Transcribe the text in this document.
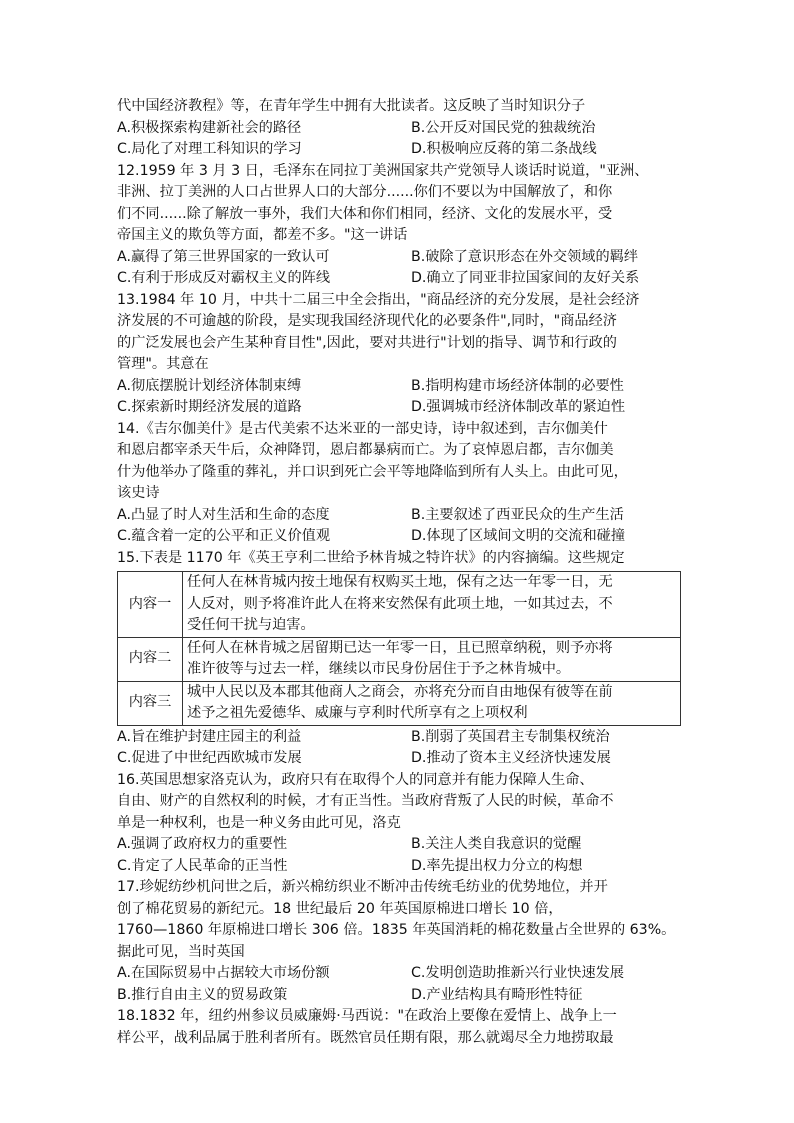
代中国经济教程》等，在青年学生中拥有大批读者。这反映了当时知识分子
A.积极探索构建新社会的路径	B.公开反对国民党的独裁统治
C.局化了对理工科知识的学习	D.积极响应反蒋的第二条战线
12.1959 年 3 月 3 日，毛泽东在同拉丁美洲国家共产党领导人谈话时说道，"亚洲、
非洲、拉丁美洲的人口占世界人口的大部分......你们不要以为中国解放了，和你
们不同......除了解放一事外，我们大体和你们相同，经济、文化的发展水平，受
帝国主义的欺负等方面，都差不多。"这一讲话
A.赢得了第三世界国家的一致认可	B.破除了意识形态在外交领域的羁绊
C.有利于形成反对霸权主义的阵线	D.确立了同亚非拉国家间的友好关系
13.1984 年 10 月，中共十二届三中全会指出，"商品经济的充分发展，是社会经济
济发展的不可逾越的阶段，是实现我国经济现代化的必要条件",同时，"商品经济
的广泛发展也会产生某种育目性",因此，要对共进行"计划的指导、调节和行政的
管理"。其意在
A.彻底摆脱计划经济体制束缚	B.指明构建市场经济体制的必要性
C.探索新时期经济发展的道路	D.强调城市经济体制改革的紧迫性
14.《吉尔伽美什》是古代美索不达米亚的一部史诗，诗中叙述到，吉尔伽美什
和恩启都宰杀天牛后，众神降罚，恩启都暴病而亡。为了哀悼恩启都，吉尔伽美
什为他举办了隆重的葬礼，并口识到死亡会平等地降临到所有人头上。由此可见，
该史诗
A.凸显了时人对生活和生命的态度	B.主要叙述了西亚民众的生产生活
C.蕴含着一定的公平和正义价值观	D.体现了区域间文明的交流和碰撞
15.下表是 1170 年《英王亨利二世给予林肯城之特许状》的内容摘编。这些规定
内容一	任何人在林肯城内按土地保有权购买土地，保有之达一年零一日，无
人反对，则予将准许此人在将来安然保有此项土地，一如其过去，不
受任何干扰与迫害。

内容二	任何人在林肯城之居留期已达一年零一日，且已照章纳税，则予亦将
准许彼等与过去一样，继续以市民身份居住于予之林肯城中。

内容三	城中人民以及本郡其他商人之商会，亦将充分而自由地保有彼等在前
述予之祖先爱德华、威廉与亨利时代所享有之上项权利
A.旨在维护封建庄园主的利益	B.削弱了英国君主专制集权统治
C.促进了中世纪西欧城市发展	D.推动了资本主义经济快速发展
16.英国思想家洛克认为，政府只有在取得个人的同意并有能力保障人生命、
自由、财产的自然权利的时候，才有正当性。当政府背叛了人民的时候，革命不
单是一种权利，也是一种义务由此可见，洛克
A.强调了政府权力的重要性	B.关注人类自我意识的觉醒
C.肯定了人民革命的正当性	D.率先提出权力分立的构想
17.珍妮纺纱机问世之后，新兴棉纺织业不断冲击传统毛纺业的优势地位，并开
创了棉花贸易的新纪元。18 世纪最后 20 年英国原棉进口增长 10 倍，
1760—1860 年原棉进口增长 306 倍。1835 年英国消耗的棉花数量占全世界的 63%。
据此可见，当时英国
A.在国际贸易中占据较大市场份额	C.发明创造助推新兴行业快速发展
B.推行自由主义的贸易政策	D.产业结构具有畸形性特征
18.1832 年，纽约州参议员威廉姆·马西说："在政治上要像在爱情上、战争上一
样公平，战利品属于胜利者所有。既然官员任期有限，那么就竭尽全力地捞取最
